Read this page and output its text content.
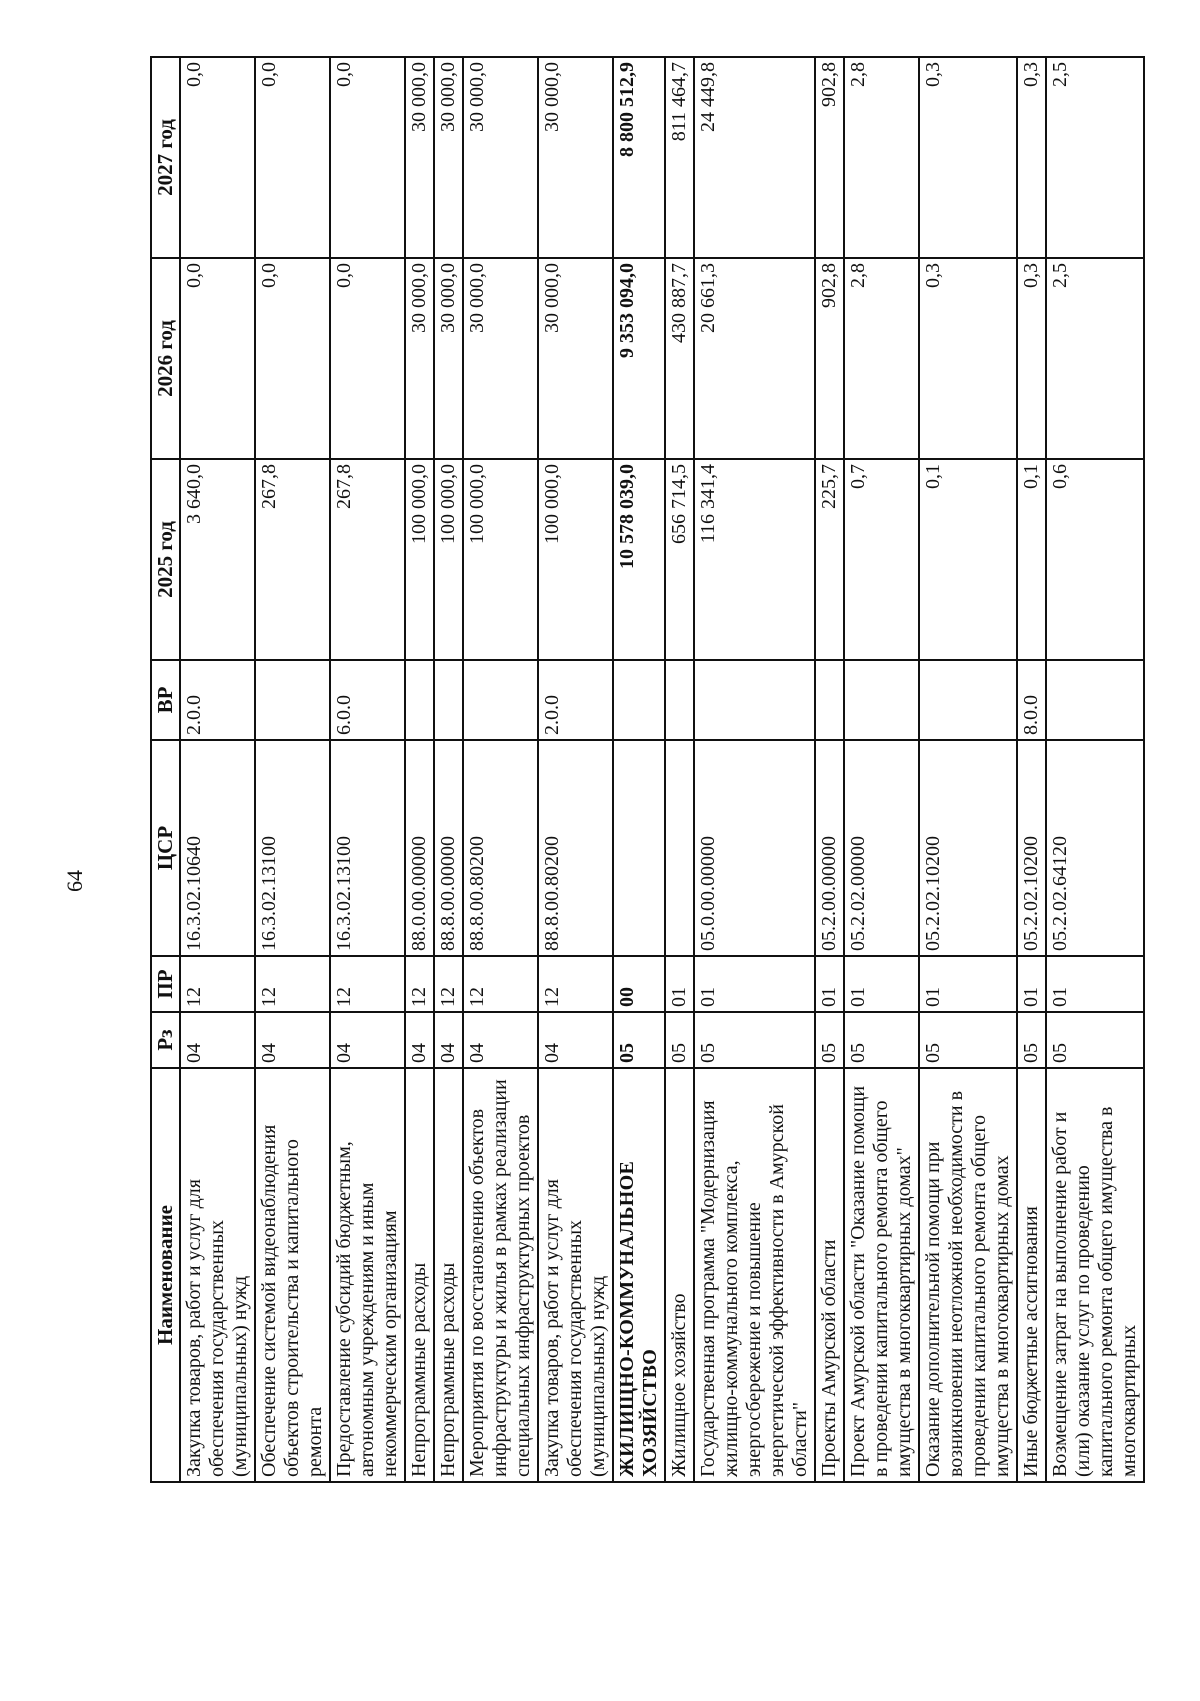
64
Наименование	Рз	ПР	ЦСР	ВР	2025 год	2026 год	2027 год
Закупка товаров, работ и услуг для обеспечения государственных (муниципальных) нужд	04	12	16.3.02.10640	2.0.0	3 640,0	0,0	0,0
Обеспечение системой видеонаблюдения объектов строительства и капитального ремонта	04	12	16.3.02.13100		267,8	0,0	0,0
Предоставление субсидий бюджетным, автономным учреждениям и иным некоммерческим организациям	04	12	16.3.02.13100	6.0.0	267,8	0,0	0,0
Непрограммные расходы	04	12	88.0.00.00000		100 000,0	30 000,0	30 000,0
Непрограммные расходы	04	12	88.8.00.00000		100 000,0	30 000,0	30 000,0
Мероприятия по восстановлению объектов инфраструктуры и жилья в рамках реализации специальных инфраструктурных проектов	04	12	88.8.00.80200		100 000,0	30 000,0	30 000,0
Закупка товаров, работ и услуг для обеспечения государственных (муниципальных) нужд	04	12	88.8.00.80200	2.0.0	100 000,0	30 000,0	30 000,0
ЖИЛИЩНО-КОММУНАЛЬНОЕ ХОЗЯЙСТВО	05	00			10 578 039,0	9 353 094,0	8 800 512,9
Жилищное хозяйство	05	01			656 714,5	430 887,7	811 464,7
Государственная программа "Модернизация жилищно-коммунального комплекса, энергосбережение и повышение энергетической эффективности в Амурской области"	05	01	05.0.00.00000		116 341,4	20 661,3	24 449,8
Проекты Амурской области	05	01	05.2.00.00000		225,7	902,8	902,8
Проект Амурской области "Оказание помощи в проведении капитального ремонта общего имущества в многоквартирных домах"	05	01	05.2.02.00000		0,7	2,8	2,8
Оказание дополнительной помощи при возникновении неотложной необходимости в проведении капитального ремонта общего имущества в многоквартирных домах	05	01	05.2.02.10200		0,1	0,3	0,3
Иные бюджетные ассигнования	05	01	05.2.02.10200	8.0.0	0,1	0,3	0,3
Возмещение затрат на выполнение работ и (или) оказание услуг по проведению капитального ремонта общего имущества в многоквартирных	05	01	05.2.02.64120		0,6	2,5	2,5
